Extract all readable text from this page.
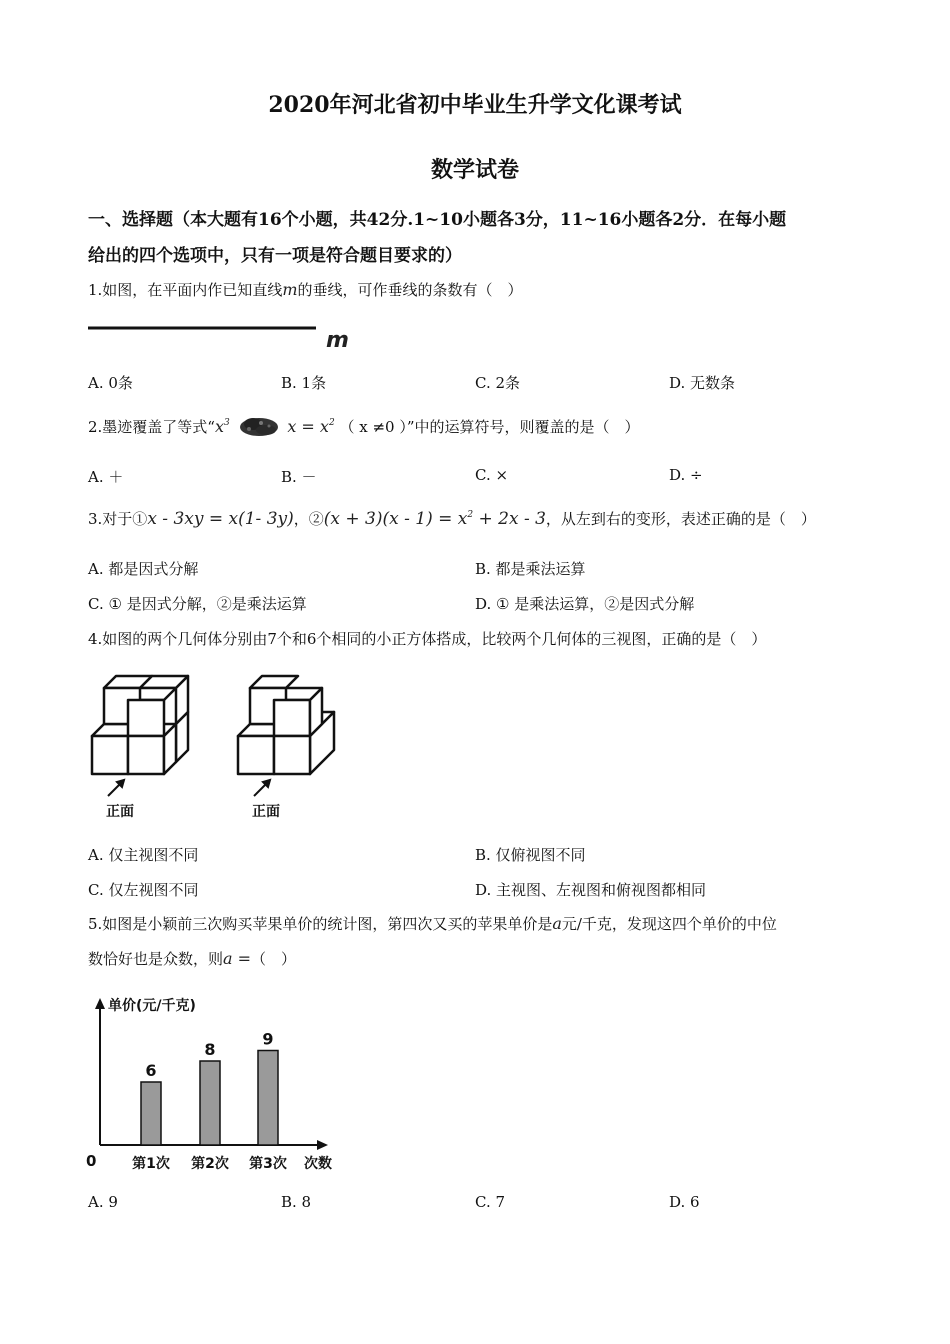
2020年河北省初中毕业生升学文化课考试
数学试卷
一、选择题（本大题有16个小题，共42分.1~10小题各3分，11~16小题各2分．在每小题
给出的四个选项中，只有一项是符合题目要求的）
1.如图，在平面内作已知直线m的垂线，可作垂线的条数有（　）
m
A. 0条	B. 1条	C. 2条	D. 无数条
2.墨迹覆盖了等式“$x^3$	$x = x^2$ （ x ≠0 ）”中的运算符号，则覆盖的是（　）
A. ＋	B. －	C. ×	D. ÷
3.对于①x - 3xy = x(1- 3y)，②(x + $3)(x - 1) = x^2 + 2x - 3$，从左到右的变形，表述正确的是（　）
A. 都是因式分解	B. 都是乘法运算
C. ① 是因式分解，②是乘法运算	D. ① 是乘法运算，②是因式分解
4.如图的两个几何体分别由7个和6个相同的小正方体搭成，比较两个几何体的三视图，正确的是（　）
正面	正面
A. 仅主视图不同	B. 仅俯视图不同
C. 仅左视图不同	D. 主视图、左视图和俯视图都相同
5.如图是小颖前三次购买苹果单价的统计图，第四次又买的苹果单价是a元/千克，发现这四个单价的中位
数恰好也是众数，则a =（　）
单价(元/千克)
0	次数
6
第1次
8
第2次
9
第3次
A. 9	B. 8	C. 7	D. 6
